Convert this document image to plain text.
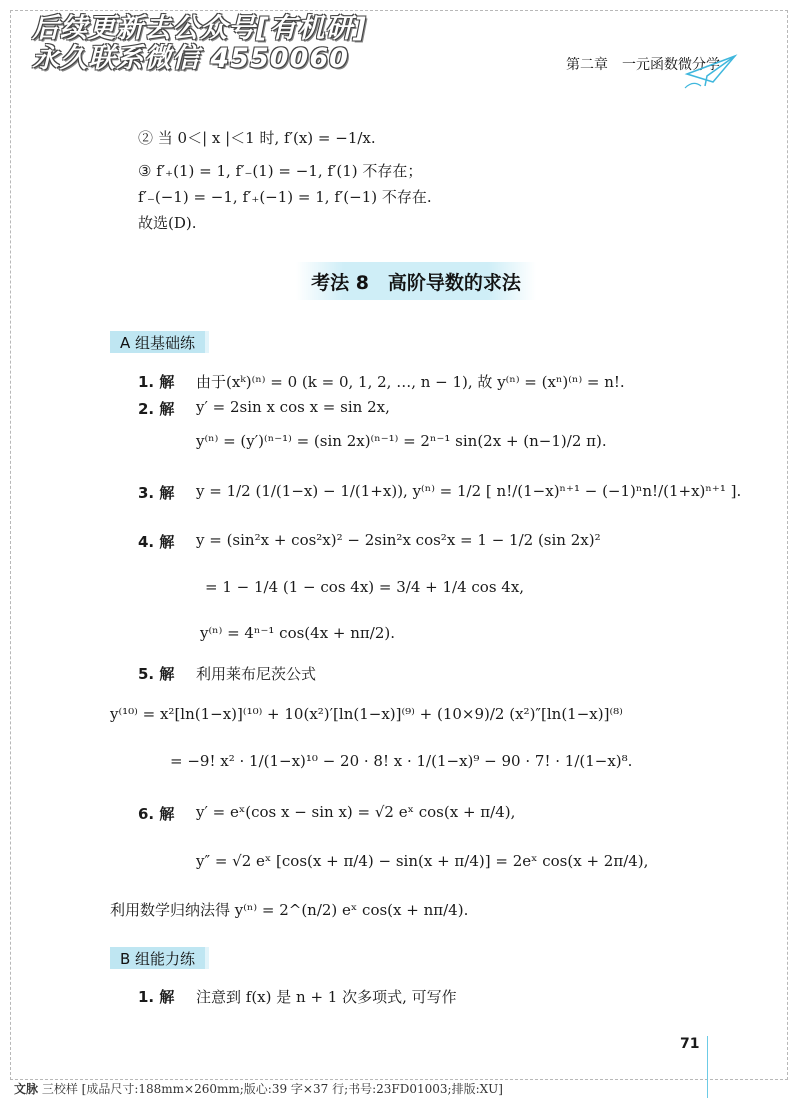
后续更新去公众号[有机研]
永久联系微信 4550060	第二章　一元函数微分学
② 当 0＜| x |＜1 时, f′(x) = −1/x.
③ f′₊(1) = 1, f′₋(1) = −1, f′(1) 不存在；
f′₋(−1) = −1, f′₊(−1) = 1, f′(−1) 不存在.
故选(D).
考法 8　高阶导数的求法
A 组基础练
1. 解 由于(xᵏ)⁽ⁿ⁾ = 0 (k = 0, 1, 2, …, n − 1), 故 y⁽ⁿ⁾ = (xⁿ)⁽ⁿ⁾ = n!.
2. 解 y′ = 2sin x cos x = sin 2x,
y⁽ⁿ⁾ = (y′)⁽ⁿ⁻¹⁾ = (sin 2x)⁽ⁿ⁻¹⁾ = 2ⁿ⁻¹ sin(2x + (n−1)/2 π).
3. 解 y = 1/2 (1/(1−x) − 1/(1+x)), y⁽ⁿ⁾ = 1/2 [ n!/(1−x)ⁿ⁺¹ − (−1)ⁿn!/(1+x)ⁿ⁺¹ ].
4. 解 y = (sin²x + cos²x)² − 2sin²x cos²x = 1 − 1/2 (sin 2x)²
= 1 − 1/4 (1 − cos 4x) = 3/4 + 1/4 cos 4x,
y⁽ⁿ⁾ = 4ⁿ⁻¹ cos(4x + nπ/2).
5. 解 利用莱布尼茨公式
y⁽¹⁰⁾ = x²[ln(1−x)]⁽¹⁰⁾ + 10(x²)′[ln(1−x)]⁽⁹⁾ + (10×9)/2 (x²)″[ln(1−x)]⁽⁸⁾
= −9! x² · 1/(1−x)¹⁰ − 20 · 8! x · 1/(1−x)⁹ − 90 · 7! · 1/(1−x)⁸.
6. 解 y′ = eˣ(cos x − sin x) = √2 eˣ cos(x + π/4),
y″ = √2 eˣ [cos(x + π/4) − sin(x + π/4)] = 2eˣ cos(x + 2π/4),
利用数学归纳法得 y⁽ⁿ⁾ = 2^(n/2) eˣ cos(x + nπ/4).
B 组能力练
1. 解 注意到 f(x) 是 n + 1 次多项式, 可写作
71
文脉 三校样 [成品尺寸:188mm×260mm;版心:39 字×37 行;书号:23FD01003;排版:XU]
